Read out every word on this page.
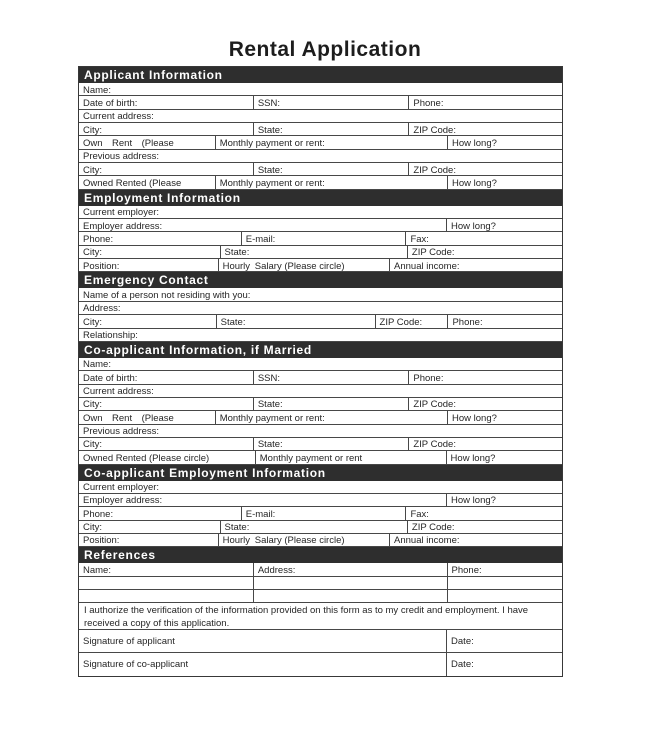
Rental Application
Applicant Information
Name:
Date of birth:	SSN:	Phone:
Current address:
City:	State:	ZIP Code:
Own  Rent  (Please	Monthly payment or rent:	How long?
Previous address:
City:	State:	ZIP Code:
Owned Rented (Please	Monthly payment or rent:	How long?
Employment Information
Current employer:
Employer address:	How long?
Phone:	E-mail:	Fax:
City:	State:	ZIP Code:
Position:	Hourly Salary (Please circle)	Annual income:
Emergency Contact
Name of a person not residing with you:
Address:
City:	State:	ZIP Code:	Phone:
Relationship:
Co-applicant Information, if Married
Name:
Date of birth:	SSN:	Phone:
Current address:
City:	State:	ZIP Code:
Own  Rent  (Please	Monthly payment or rent:	How long?
Previous address:
City:	State:	ZIP Code:
Owned Rented (Please circle)	Monthly payment or rent	How long?
Co-applicant Employment Information
Current employer:
Employer address:	How long?
Phone:	E-mail:	Fax:
City:	State:	ZIP Code:
Position:	Hourly Salary (Please circle)	Annual income:
References
Name:	Address:	Phone:
I authorize the verification of the information provided on this form as to my credit and employment. I have received a copy of this application.
Signature of applicant	Date:
Signature of co-applicant	Date:
